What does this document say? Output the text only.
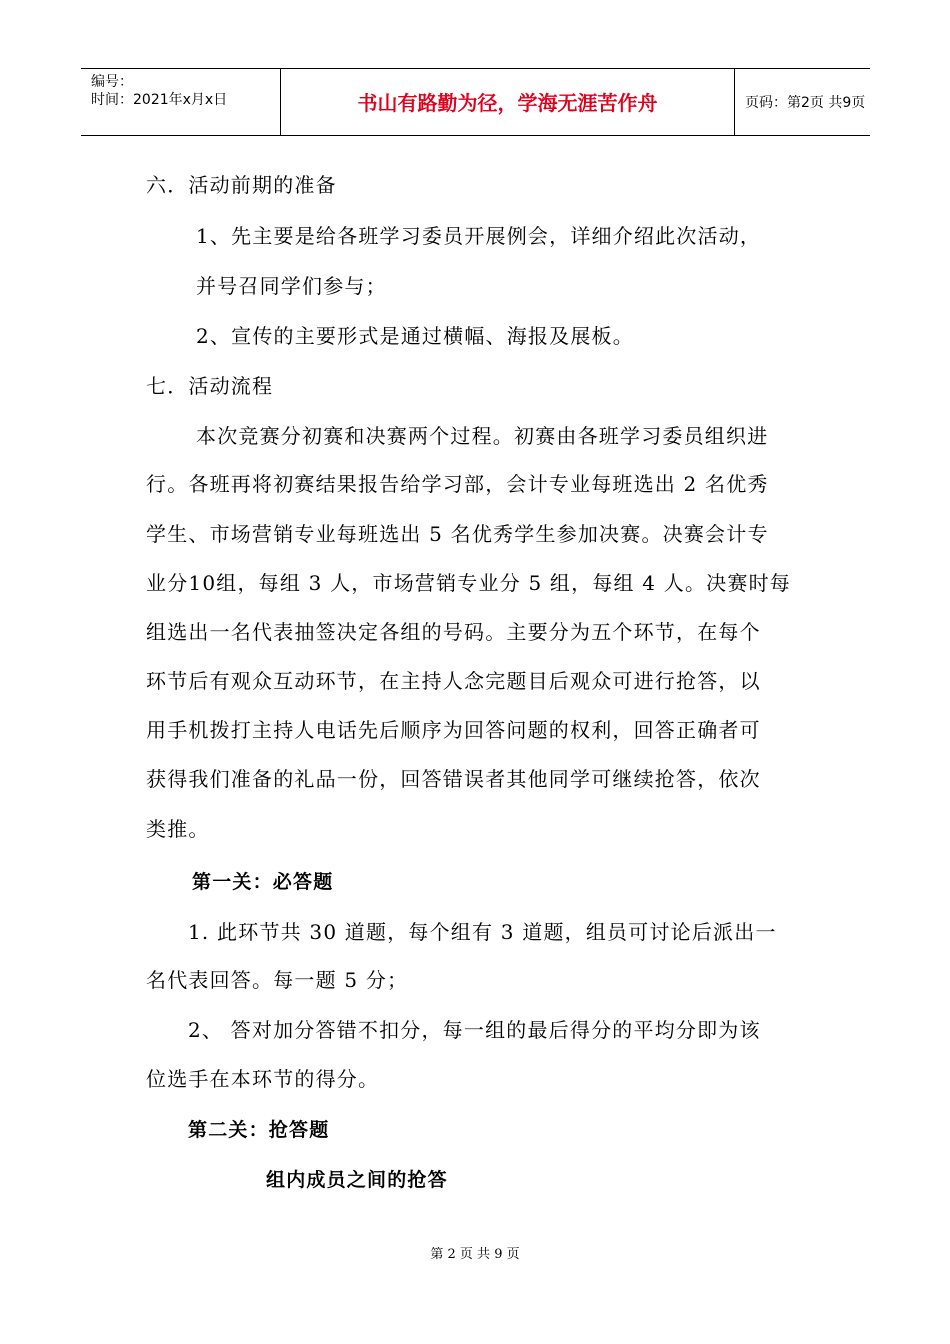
编号：
时间：2021年x月x日	书山有路勤为径，学海无涯苦作舟	页码：第2页 共9页
六．活动前期的准备
1、先主要是给各班学习委员开展例会，详细介绍此次活动，
并号召同学们参与；
2、宣传的主要形式是通过横幅、海报及展板。
七．活动流程
本次竞赛分初赛和决赛两个过程。初赛由各班学习委员组织进
行。各班再将初赛结果报告给学习部，会计专业每班选出 2 名优秀
学生、市场营销专业每班选出 5 名优秀学生参加决赛。决赛会计专
业分10组，每组 3 人，市场营销专业分 5 组，每组 4 人。决赛时每
组选出一名代表抽签决定各组的号码。主要分为五个环节，在每个
环节后有观众互动环节，在主持人念完题目后观众可进行抢答，以
用手机拨打主持人电话先后顺序为回答问题的权利，回答正确者可
获得我们准备的礼品一份，回答错误者其他同学可继续抢答，依次
类推。
第一关：必答题
1. 此环节共 30 道题，每个组有 3 道题，组员可讨论后派出一
名代表回答。每一题 5 分；
2、 答对加分答错不扣分，每一组的最后得分的平均分即为该
位选手在本环节的得分。
第二关：抢答题
组内成员之间的抢答
第 2 页 共 9 页
